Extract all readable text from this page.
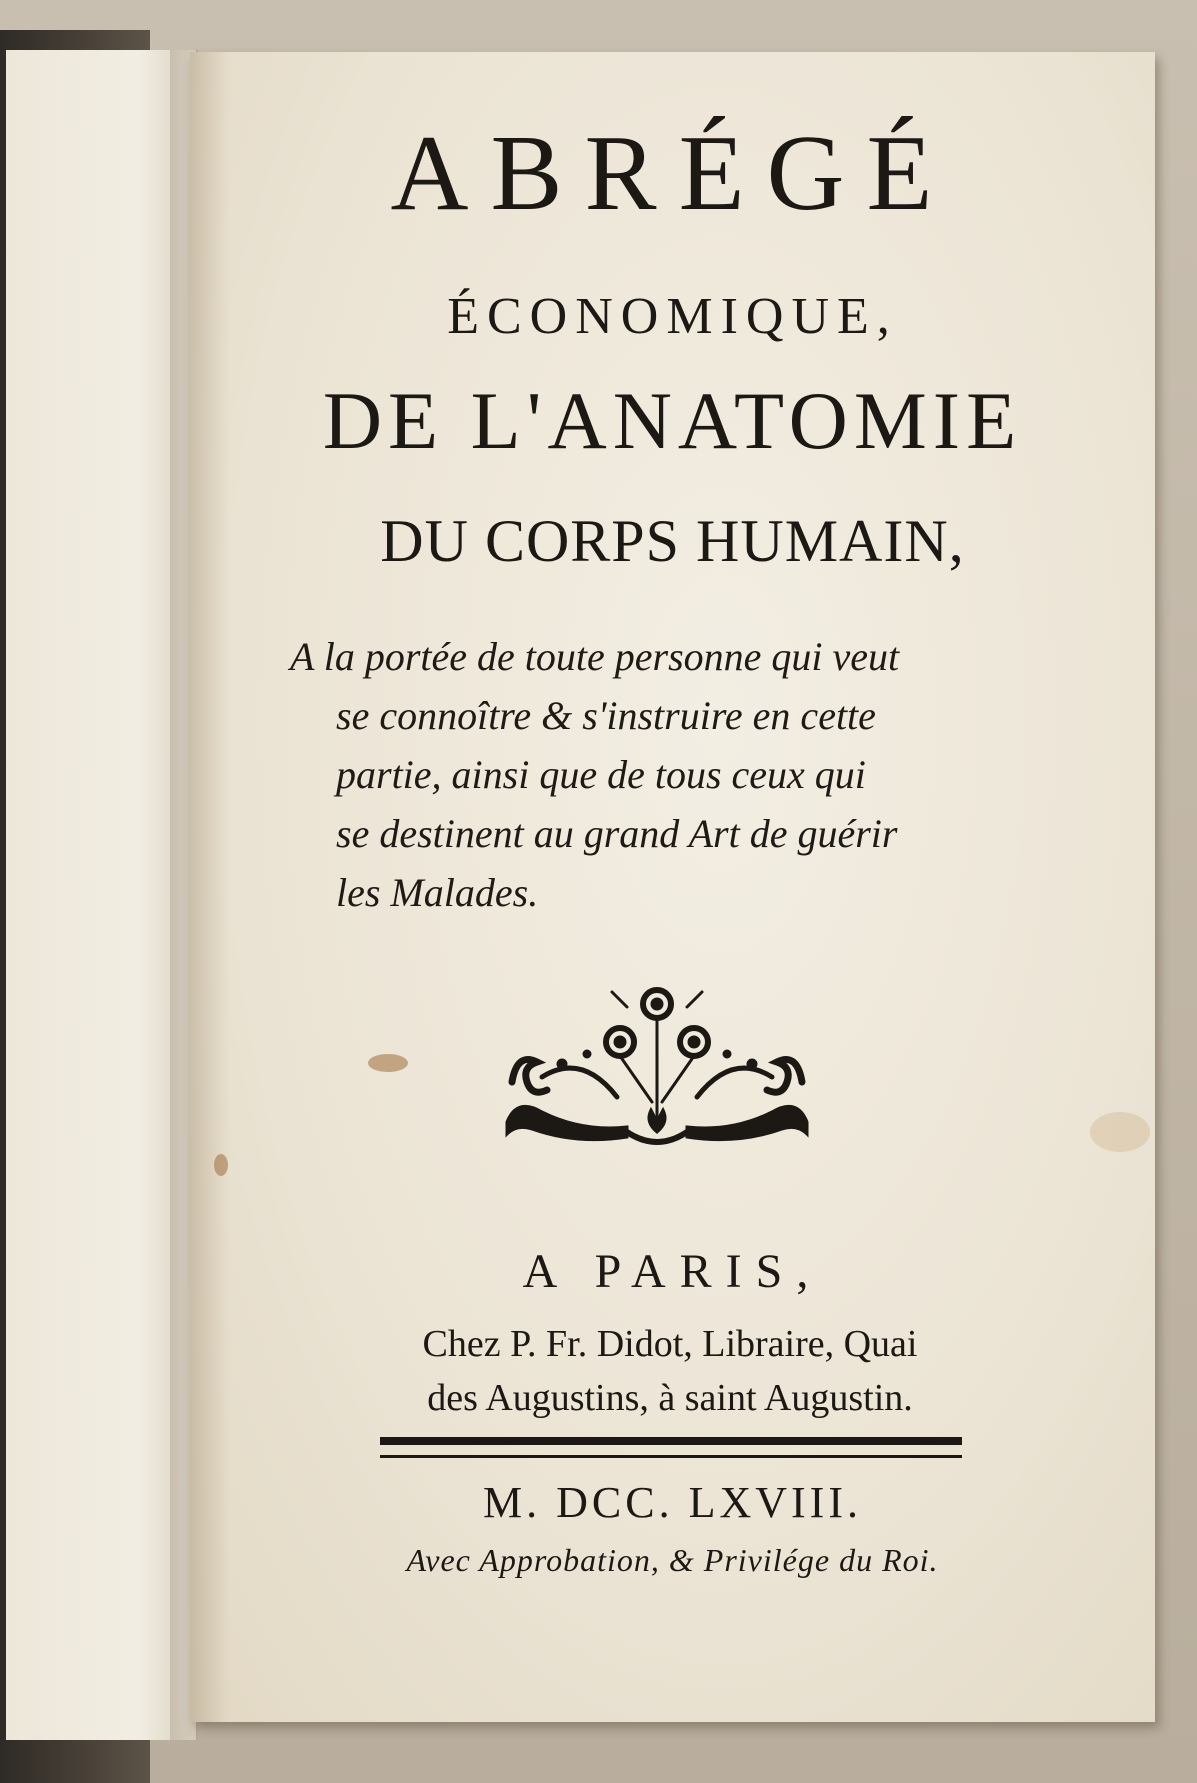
ABRÉGÉ
ÉCONOMIQUE,
DE L'ANATOMIE
DU CORPS HUMAIN,
A la portée de toute personne qui veut
se connoître & s'instruire en cette
partie, ainsi que de tous ceux qui
se destinent au grand Art de guérir
les Malades.
A PARIS,
Chez P. Fr. Didot, Libraire, Quai
des Augustins, à saint Augustin.
M. DCC. LXVIII.
Avec Approbation, & Privilége du Roi.
